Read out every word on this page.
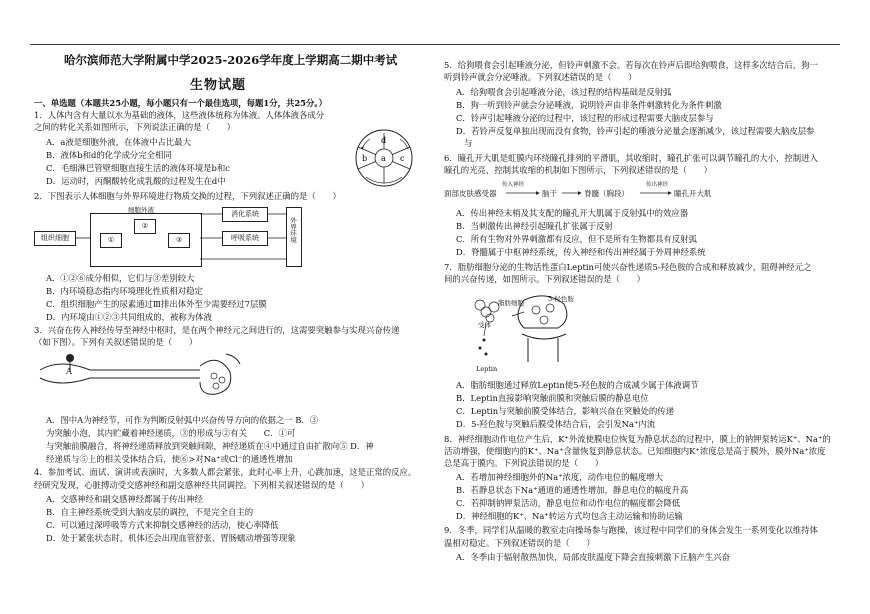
哈尔滨师范大学附属中学2025-2026学年度上学期高二期中考试
生物试题
一、单选题（本题共25小题，每小题只有一个最佳选项，每题1分，共25分。）
1．人体内含有大量以水为基础的液体，这些液体统称为体液。人体体液各成分
之间的转化关系如图所示，下列说法正确的是（　　）
A．a液是细胞外液，在体液中占比最大
B．液体b和d的化学成分完全相同
C．毛细淋巴管壁细胞直接生活的液体环境是b和c
D．运动时，丙酮酸转化成乳酸的过程发生在d中
a
b	c
d
2．下图表示人体细胞与外界环境进行物质交换的过程，下列叙述正确的是（　　）
组织细胞
细胞外液
①
②
③
消化系统
呼吸系统	外界环境
A．①②⑥成分相似，它们与③差别较大
B．内环境稳态指内环境理化性质相对稳定
C．组织细胞产生的尿素通过Ⅲ排出体外至少需要经过7层膜
D．内环境由①②③共同组成的，被称为体液
3．兴奋在传入神经传导至神经中枢时，是在两个神经元之间进行的，这需要突触参与实现兴奋传递
（如下图）。下列有关叙述错误的是（　　）
A
A．图中A为神经节，可作为判断反射弧中兴奋传导方向的依据之一 B．③
为突触小泡，其内贮藏着神经递质，③的形成与②有关　　C．①可
与突触前膜融合，将神经递质释放到突触间隙，神经递质在④中通过自由扩散向⑤ D．神
经递质与⑤上的相关受体结合后，使⑥>对Na⁺或Cl⁻的通透性增加
4．参加考试、面试、演讲或表演时，大多数人都会紧张，此时心率上升，心跳加速，这是正常的反应。
经研究发现，心脏搏动受交感神经和副交感神经共同调控。下列相关叙述错误的是（　　）
A．交感神经和副交感神经都属于传出神经
B．自主神经系统受到大脑皮层的调控，不是完全自主的
C．可以通过深呼吸等方式来抑制交感神经的活动，使心率降低
D．处于紧张状态时，机体还会出现血管舒张、胃肠蠕动增强等现象
5．给狗喂食会引起唾液分泌，但铃声刺激不会。若每次在铃声后即给狗喂食，这样多次结合后，狗一
听到铃声就会分泌唾液。下列叙述错误的是（　　）
A．给狗喂食会引起唾液分泌，该过程的结构基础是反射弧
B．狗一听到铃声就会分泌唾液，说明铃声由非条件刺激转化为条件刺激
C．铃声引起唾液分泌的过程中，该过程的形成过程需要大脑皮层参与
D．若铃声反复单独出现而没有食物，铃声引起的唾液分泌量会逐渐减少，该过程需要大脑皮层参
与
6．瞳孔开大肌是虹膜内环绕瞳孔排列的平滑肌，其收缩时，瞳孔扩张可以调节瞳孔的大小，控制进入
瞳孔的光亮，控制其收缩的机制如下图所示，下列叙述错误的是（　　）
面部皮肤感受器
传入神经
脑干	脊髓（胸段）
传出神经
瞳孔开大肌
A．传出神经末梢及其支配的瞳孔开大肌属于反射弧中的效应器
B．当刺激传出神经引起瞳孔扩张属于反射
C．所有生物对外界刺激都有反应，但不是所有生物都具有反射弧
D．脊髓属于中枢神经系统，传入神经和传出神经属于外周神经系统
7．脂肪细胞分泌的生物活性蛋白Leptin可使兴奋性递质5-羟色胺的合成和释放减少，阻碍神经元之
间的兴奋传递，如图所示。下列叙述错误的是（　　）
脂肪细胞	5-羟色胺
受体
Leptin
A．脂肪细胞通过释放Leptin使5-羟色胺的合成减少属于体液调节
B．Leptin直接影响突触前膜和突触后膜的静息电位
C．Leptin与突触前膜受体结合，影响兴奋在突触处的传递
D．5-羟色胺与突触后膜受体结合后，会引发Na⁺内流
8．神经细胞动作电位产生后，K⁺外流使膜电位恢复为静息状态的过程中，膜上的钠钾泵转运K⁺、Na⁺的
活动增强，使细胞内的K⁺、Na⁺含量恢复到静息状态。已知细胞内K⁺浓度总是高于膜外，膜外Na⁺浓度
总是高于膜内。下列说法错误的是（　　）
A．若增加神经细胞外的Na⁺浓度，动作电位的幅度增大
B．若静息状态下Na⁺通道的通透性增加，静息电位的幅度升高
C．若抑制钠钾泵活动，静息电位和动作电位的幅度都会降低
D．神经细胞的K⁺、Na⁺转运方式均包含主动运输和协助运输
9．冬季，同学们从温暖的教室走向操场参与跑操，该过程中同学们的身体会发生一系列变化以维持体
温相对稳定。下列叙述错误的是（　　）
A．冬季由于辐射散热加快，局部皮肤温度下降会直接刺激下丘脑产生兴奋
